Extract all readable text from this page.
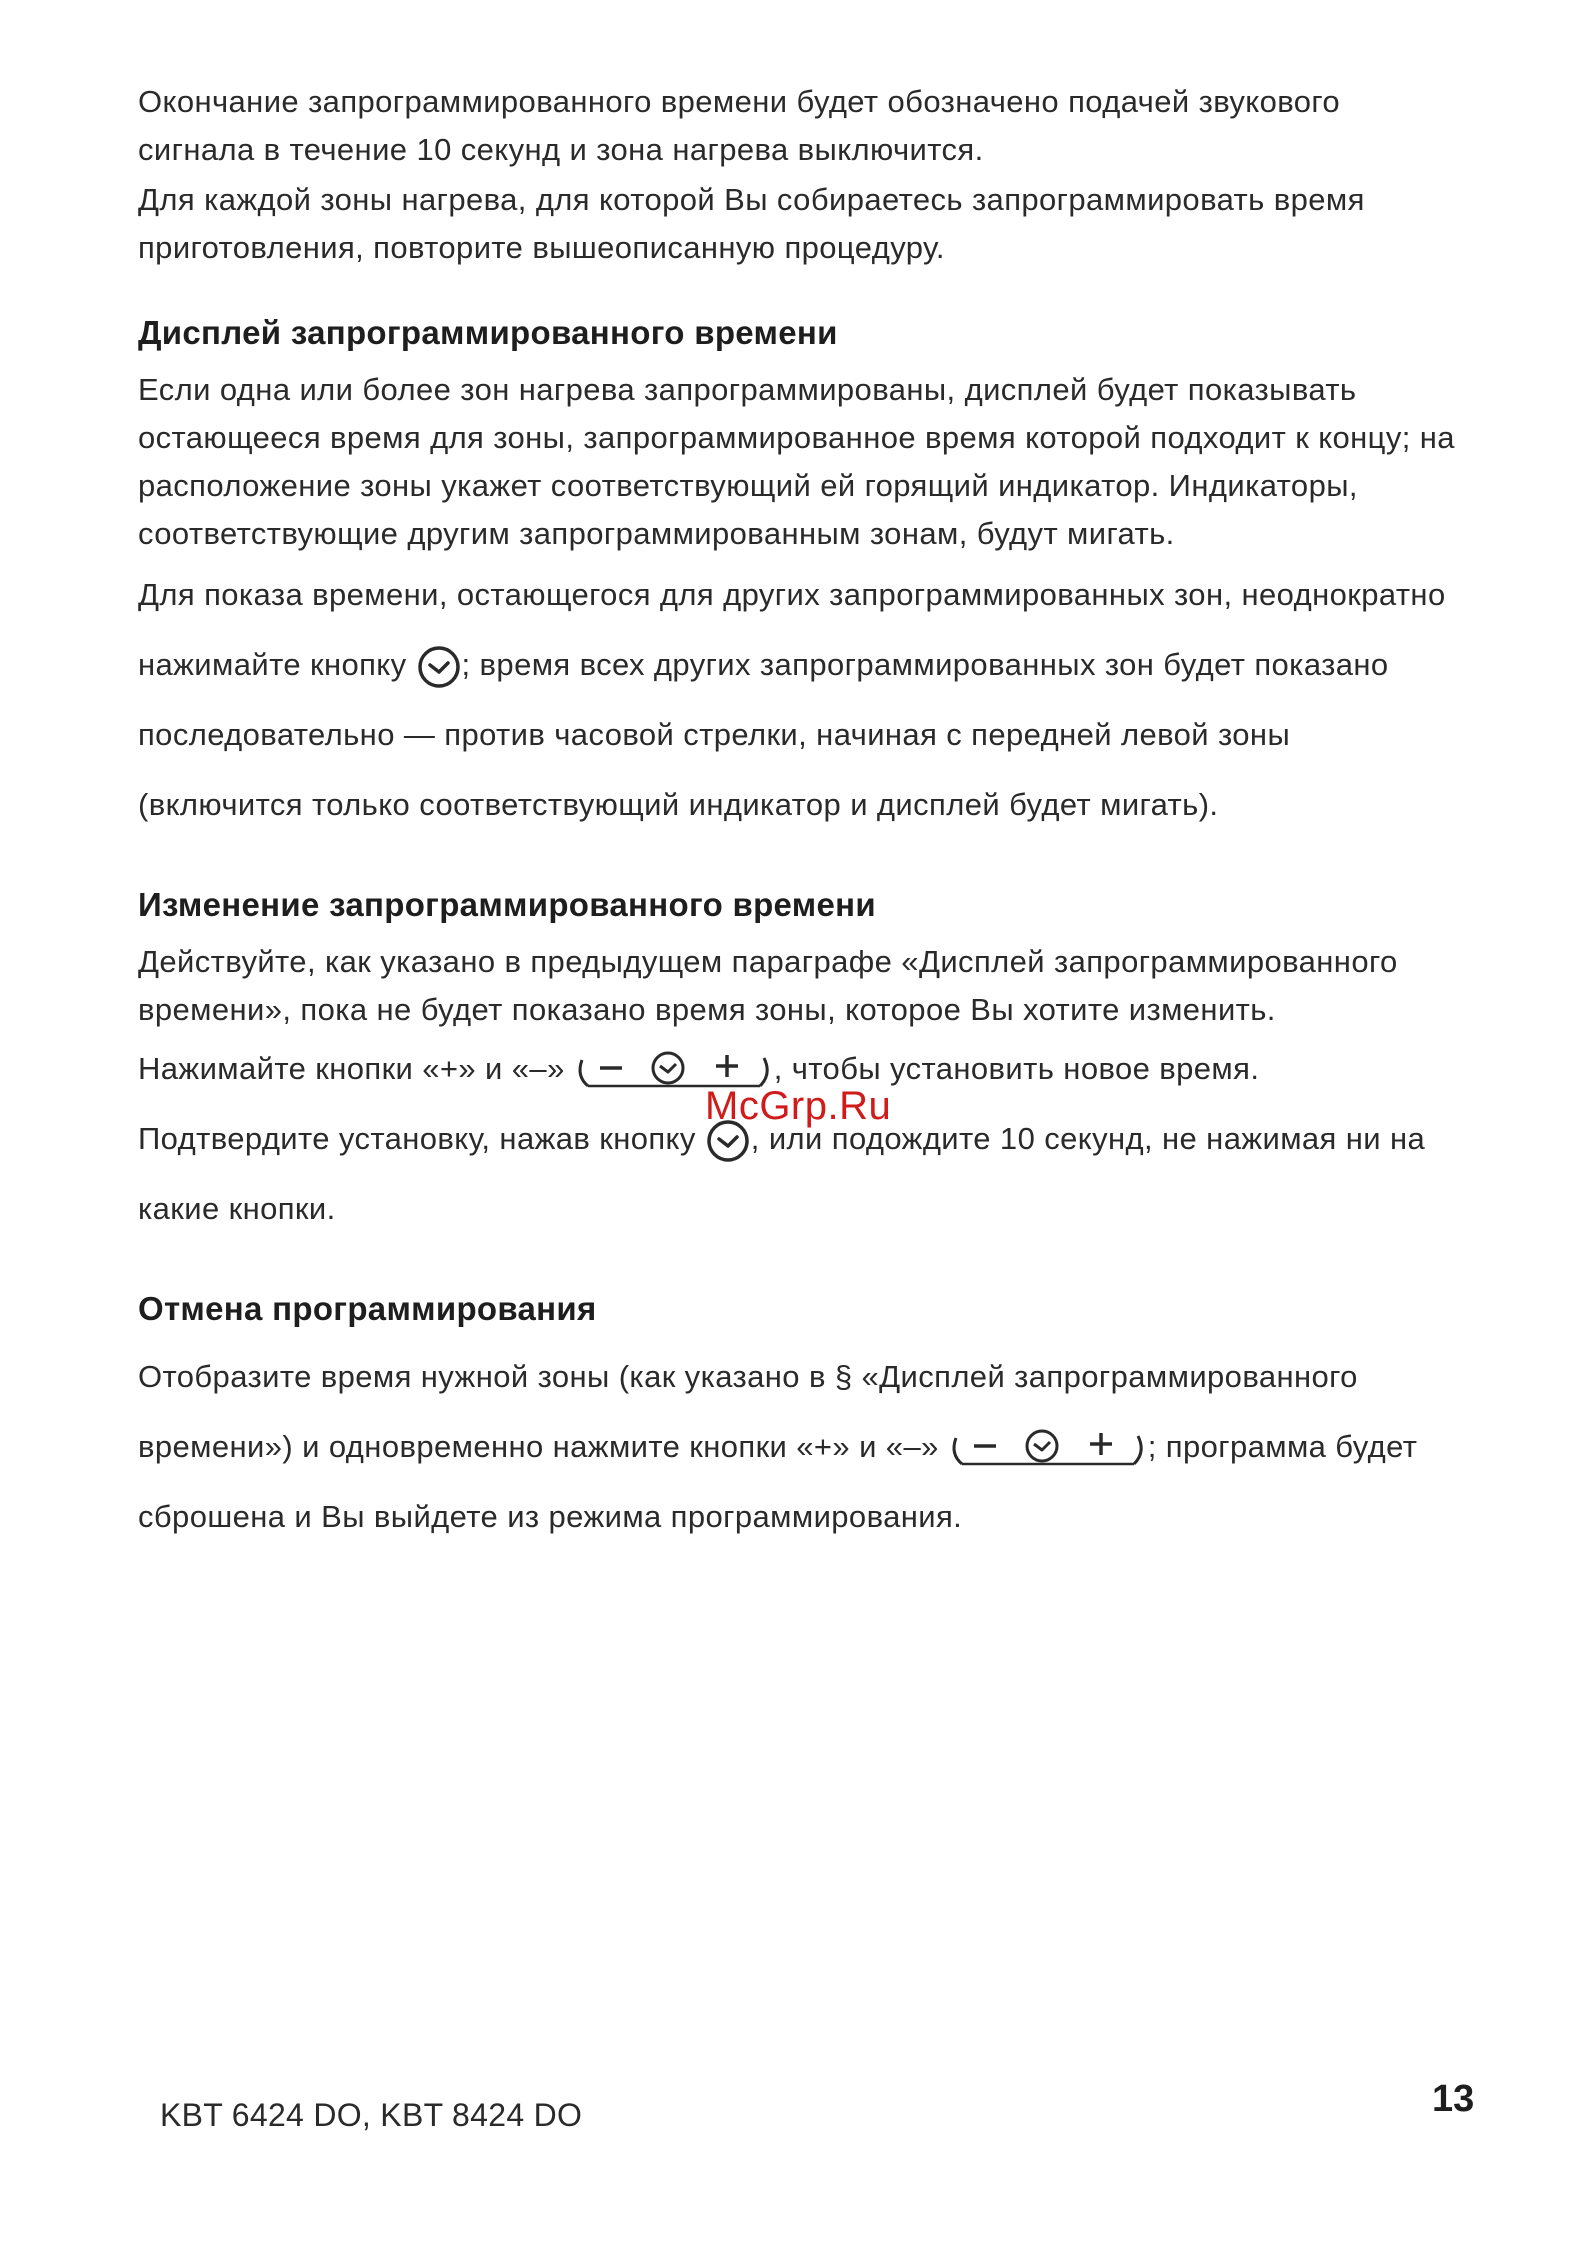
Окончание запрограммированного времени будет обозначено подачей звукового сигнала в течение 10 секунд и зона нагрева выключится.

Для каждой зоны нагрева, для которой Вы собираетесь запрограммировать время приготовления, повторите вышеописанную процедуру.

Дисплей запрограммированного времени

Если одна или более зон нагрева запрограммированы, дисплей будет показывать остающееся время для зоны, запрограммированное время которой подходит к концу; на расположение зоны укажет соответствующий ей горящий индикатор. Индикаторы, соответствующие другим запрограммированным зонам, будут мигать.

Для показа времени, остающегося для других запрограммированных зон, неоднократно нажимайте кнопку ; время всех других запрограммированных зон будет показано последовательно — против часовой стрелки, начиная с передней левой зоны (включится только соответствующий индикатор и дисплей будет мигать).

Изменение запрограммированного времени

Действуйте, как указано в предыдущем параграфе «Дисплей запрограммированного времени», пока не будет показано время зоны, которое Вы хотите изменить.

Нажимайте кнопки «+» и «–»	, чтобы установить новое время.

Подтвердите установку, нажав кнопку , или подождите 10 секунд, не нажимая ни на какие кнопки.

Отмена программирования

Отобразите время нужной зоны (как указано в § «Дисплей запрограммированного времени») и одновременно нажмите кнопки «+» и «–»	; программа будет сброшена и Вы выйдете из режима программирования.

McGrp.Ru
KBT 6424 DO, KBT 8424 DO	13
